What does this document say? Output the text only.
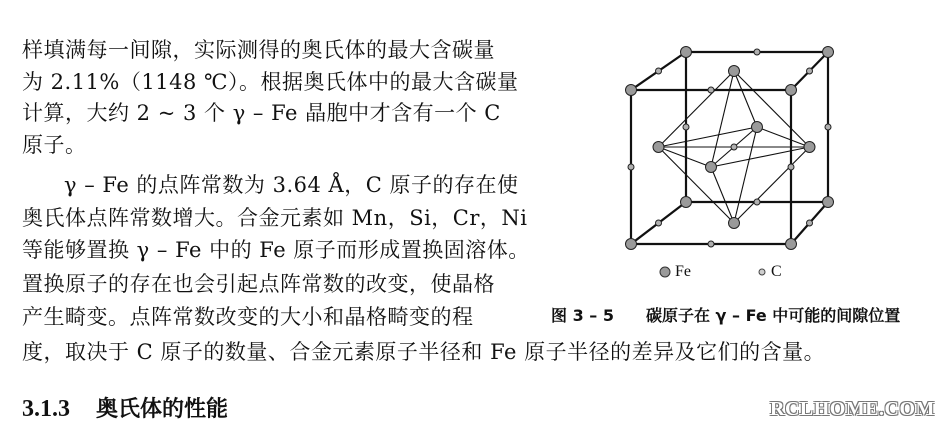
样填满每一间隙，实际测得的奥氏体的最大含碳量
为 2.11%（1148 ℃）。根据奥氏体中的最大含碳量
计算，大约 2 ~ 3 个 γ – Fe 晶胞中才含有一个 C
原子。
γ – Fe 的点阵常数为 3.64 Å，C 原子的存在使
奥氏体点阵常数增大。合金元素如 Mn，Si，Cr，Ni
等能够置换 γ – Fe 中的 Fe 原子而形成置换固溶体。
置换原子的存在也会引起点阵常数的改变，使晶格
产生畸变。点阵常数改变的大小和晶格畸变的程
度，取决于 C 原子的数量、合金元素原子半径和 Fe 原子半径的差异及它们的含量。
Fe	C
图 3 – 5　　碳原子在 γ – Fe 中可能的间隙位置
3.1.3 奥氏体的性能	RCLHOME.COM
